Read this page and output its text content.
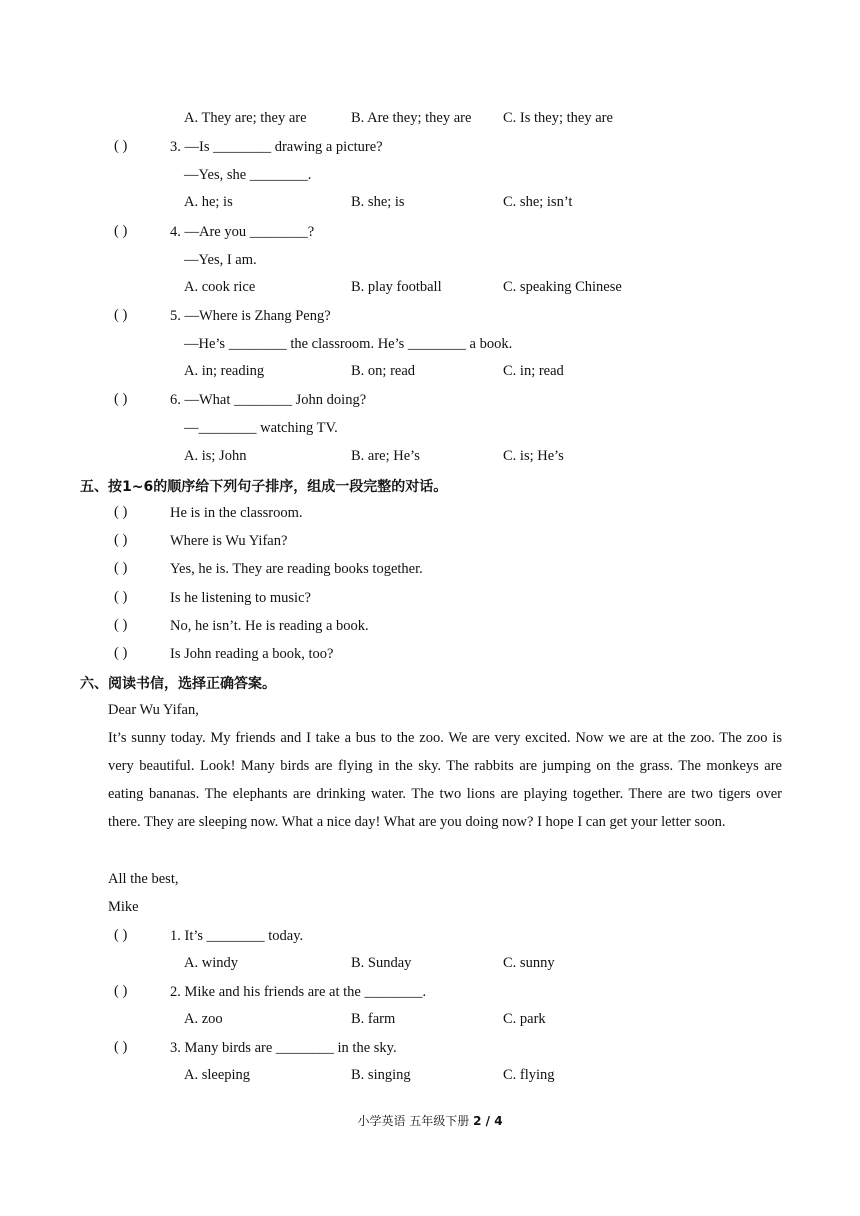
A. They are; they are	B. Are they; they are C. Is they; they are
( )	3. —Is ________ drawing a picture?
—Yes, she ________.
A. he; is	B. she; is	C. she; isn’t
( )	4. —Are you ________?
—Yes, I am.
A. cook rice	B. play football	C. speaking Chinese
( )	5. —Where is Zhang Peng?
—He’s ________ the classroom. He’s ________ a book.
A. in; reading	B. on; read	C. in; read
( )	6. —What ________ John doing?
—________ watching TV.
A. is; John	B. are; He’s	C. is; He’s
五、按1~6的顺序给下列句子排序，组成一段完整的对话。
( )	He is in the classroom.
( )	Where is Wu Yifan?
( )	Yes, he is. They are reading books together.
( )	Is he listening to music?
( )	No, he isn’t. He is reading a book.
( )	Is John reading a book, too?
六、阅读书信，选择正确答案。
Dear Wu Yifan,
It’s sunny today. My friends and I take a bus to the zoo. We are very excited. Now we are at the zoo. The zoo is very beautiful. Look! Many birds are flying in the sky. The rabbits are jumping on the grass. The monkeys are eating bananas. The elephants are drinking water. The two lions are playing together. There are two tigers over there. They are sleeping now. What a nice day! What are you doing now? I hope I can get your letter soon.
All the best,
Mike
( )	1. It’s ________ today.
A. windy	B. Sunday	C. sunny
( )	2. Mike and his friends are at the ________.
A. zoo	B. farm	C. park
( )	3. Many birds are ________ in the sky.
A. sleeping	B. singing	C. flying
小学英语 五年级下册 2 / 4
